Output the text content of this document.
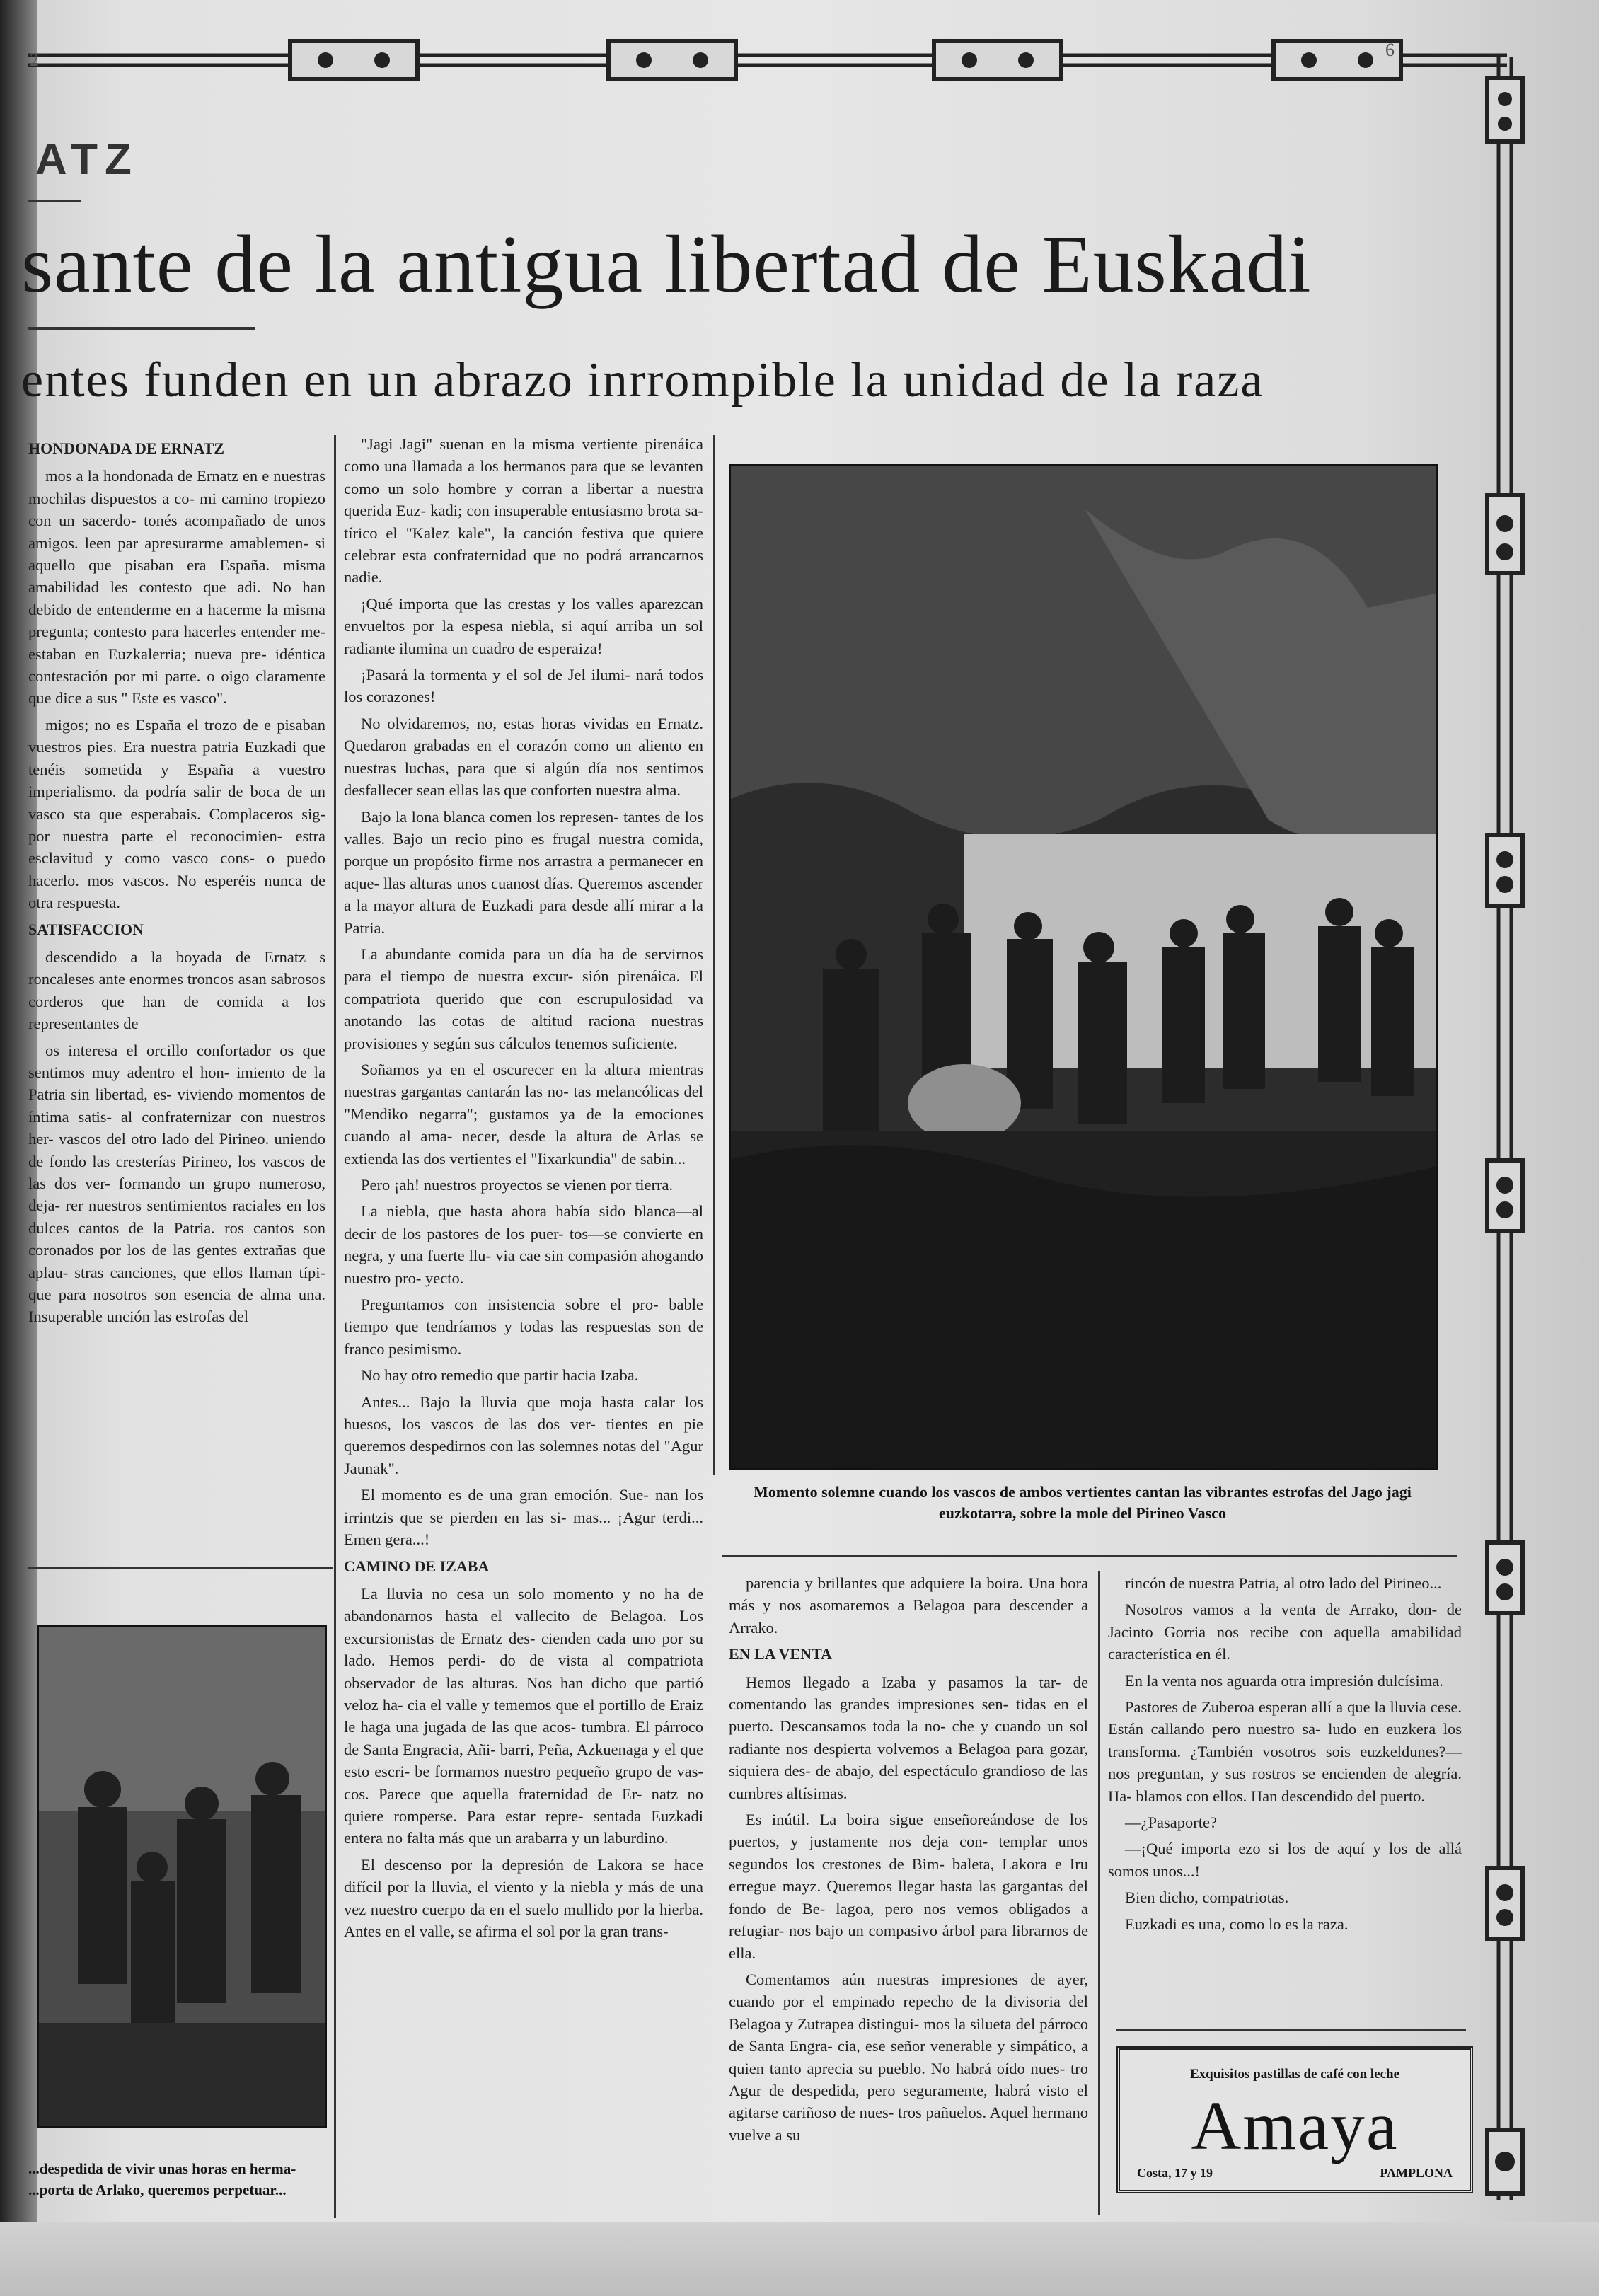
2	6
ATZ
sante de la antigua libertad de Euskadi
entes funden en un abrazo inrrompible la unidad de la raza
HONDONADA DE ERNATZ

mos a la hondonada de Ernatz en e nuestras mochilas dispuestos a co- mi camino tropiezo con un sacerdo- tonés acompañado de unos amigos. leen par apresurarme amablemen- si aquello que pisaban era España. misma amabilidad les contesto que adi. No han debido de entenderme en a hacerme la misma pregunta; contesto para hacerles entender me- estaban en Euzkalerria; nueva pre- idéntica contestación por mi parte. o oigo claramente que dice a sus " Este es vasco".

migos; no es España el trozo de e pisaban vuestros pies. Era nuestra patria Euzkadi que tenéis sometida y España a vuestro imperialismo. da podría salir de boca de un vasco sta que esperabais. Complaceros sig- por nuestra parte el reconocimien- estra esclavitud y como vasco cons- o puedo hacerlo. mos vascos. No esperéis nunca de otra respuesta.

SATISFACCION

descendido a la boyada de Ernatz s roncaleses ante enormes troncos asan sabrosos corderos que han de comida a los representantes de

os interesa el orcillo confortador os que sentimos muy adentro el hon- imiento de la Patria sin libertad, es- viviendo momentos de íntima satis- al confraternizar con nuestros her- vascos del otro lado del Pirineo. uniendo de fondo las cresterías Pirineo, los vascos de las dos ver- formando un grupo numeroso, deja- rer nuestros sentimientos raciales en los dulces cantos de la Patria. ros cantos son coronados por los de las gentes extrañas que aplau- stras canciones, que ellos llaman típi- que para nosotros son esencia de alma una. Insuperable unción las estrofas del

...despedida de vivir unas horas en herma- ...porta de Arlako, queremos perpetuar...

"Jagi Jagi" suenan en la misma vertiente pirenáica como una llamada a los hermanos para que se levanten como un solo hombre y corran a libertar a nuestra querida Euz- kadi; con insuperable entusiasmo brota sa- tírico el "Kalez kale", la canción festiva que quiere celebrar esta confraternidad que no podrá arrancarnos nadie.

¡Qué importa que las crestas y los valles aparezcan envueltos por la espesa niebla, si aquí arriba un sol radiante ilumina un cuadro de esperaiza!

¡Pasará la tormenta y el sol de Jel ilumi- nará todos los corazones!

No olvidaremos, no, estas horas vividas en Ernatz. Quedaron grabadas en el corazón como un aliento en nuestras luchas, para que si algún día nos sentimos desfallecer sean ellas las que conforten nuestra alma.

Bajo la lona blanca comen los represen- tantes de los valles. Bajo un recio pino es frugal nuestra comida, porque un propósito firme nos arrastra a permanecer en aque- llas alturas unos cuanost días. Queremos ascender a la mayor altura de Euzkadi para desde allí mirar a la Patria.

La abundante comida para un día ha de servirnos para el tiempo de nuestra excur- sión pirenáica. El compatriota querido que con escrupulosidad va anotando las cotas de altitud raciona nuestras provisiones y según sus cálculos tenemos suficiente.

Soñamos ya en el oscurecer en la altura mientras nuestras gargantas cantarán las no- tas melancólicas del "Mendiko negarra"; gustamos ya de la emociones cuando al ama- necer, desde la altura de Arlas se extienda las dos vertientes el "Iixarkundia" de sabin...

Pero ¡ah! nuestros proyectos se vienen por tierra.

La niebla, que hasta ahora había sido blanca—al decir de los pastores de los puer- tos—se convierte en negra, y una fuerte llu- via cae sin compasión ahogando nuestro pro- yecto.

Preguntamos con insistencia sobre el pro- bable tiempo que tendríamos y todas las respuestas son de franco pesimismo.

No hay otro remedio que partir hacia Izaba.

Antes... Bajo la lluvia que moja hasta calar los huesos, los vascos de las dos ver- tientes en pie queremos despedirnos con las solemnes notas del "Agur Jaunak".

El momento es de una gran emoción. Sue- nan los irrintzis que se pierden en las si- mas... ¡Agur terdi... Emen gera...!

CAMINO DE IZABA

La lluvia no cesa un solo momento y no ha de abandonarnos hasta el vallecito de Belagoa. Los excursionistas de Ernatz des- cienden cada uno por su lado. Hemos perdi- do de vista al compatriota observador de las alturas. Nos han dicho que partió veloz ha- cia el valle y tememos que el portillo de Eraiz le haga una jugada de las que acos- tumbra. El párroco de Santa Engracia, Añi- barri, Peña, Azkuenaga y el que esto escri- be formamos nuestro pequeño grupo de vas- cos. Parece que aquella fraternidad de Er- natz no quiere romperse. Para estar repre- sentada Euzkadi entera no falta más que un arabarra y un laburdino.

El descenso por la depresión de Lakora se hace difícil por la lluvia, el viento y la niebla y más de una vez nuestro cuerpo da en el suelo mullido por la hierba. Antes en el valle, se afirma el sol por la gran trans-

Momento solemne cuando los vascos de ambos vertientes cantan las vibrantes estrofas del Jago jagi euzkotarra, sobre la mole del Pirineo Vasco

parencia y brillantes que adquiere la boira. Una hora más y nos asomaremos a Belagoa para descender a Arrako.

EN LA VENTA

Hemos llegado a Izaba y pasamos la tar- de comentando las grandes impresiones sen- tidas en el puerto. Descansamos toda la no- che y cuando un sol radiante nos despierta volvemos a Belagoa para gozar, siquiera des- de abajo, del espectáculo grandioso de las cumbres altísimas.

Es inútil. La boira sigue enseñoreándose de los puertos, y justamente nos deja con- templar unos segundos los crestones de Bim- baleta, Lakora e Iru erregue mayz. Queremos llegar hasta las gargantas del fondo de Be- lagoa, pero nos vemos obligados a refugiar- nos bajo un compasivo árbol para librarnos de ella.

Comentamos aún nuestras impresiones de ayer, cuando por el empinado repecho de la divisoria del Belagoa y Zutrapea distingui- mos la silueta del párroco de Santa Engra- cia, ese señor venerable y simpático, a quien tanto aprecia su pueblo. No habrá oído nues- tro Agur de despedida, pero seguramente, habrá visto el agitarse cariñoso de nues- tros pañuelos. Aquel hermano vuelve a su

rincón de nuestra Patria, al otro lado del Pirineo...

Nosotros vamos a la venta de Arrako, don- de Jacinto Gorria nos recibe con aquella amabilidad característica en él.

En la venta nos aguarda otra impresión dulcísima.

Pastores de Zuberoa esperan allí a que la lluvia cese. Están callando pero nuestro sa- ludo en euzkera los transforma. ¿También vosotros sois euzkeldunes?—nos preguntan, y sus rostros se encienden de alegría. Ha- blamos con ellos. Han descendido del puerto.

—¿Pasaporte?

—¡Qué importa ezo si los de aquí y los de allá somos unos...!

Bien dicho, compatriotas.

Euzkadi es una, como lo es la raza.

Exquisitos pastillas de café con leche
Amaya
Costa, 17 y 19	PAMPLONA
